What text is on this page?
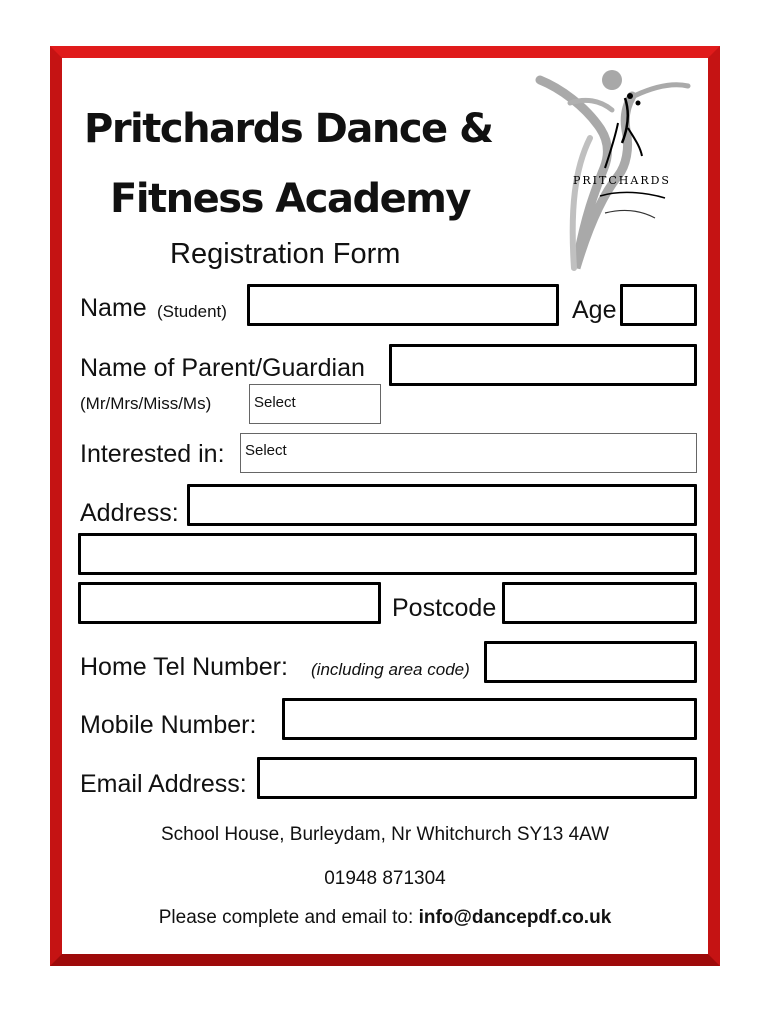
Pritchards Dance &
Fitness Academy
Registration Form
PRITCHARDS
Name (Student)	Age
Name of Parent/Guardian
(Mr/Mrs/Miss/Ms)	Select
Interested in:	Select
Address:
Postcode
Home Tel Number: (including area code)
Mobile Number:
Email Address:
School House, Burleydam, Nr Whitchurch SY13 4AW
01948 871304
Please complete and email to: info@dancepdf.co.uk
